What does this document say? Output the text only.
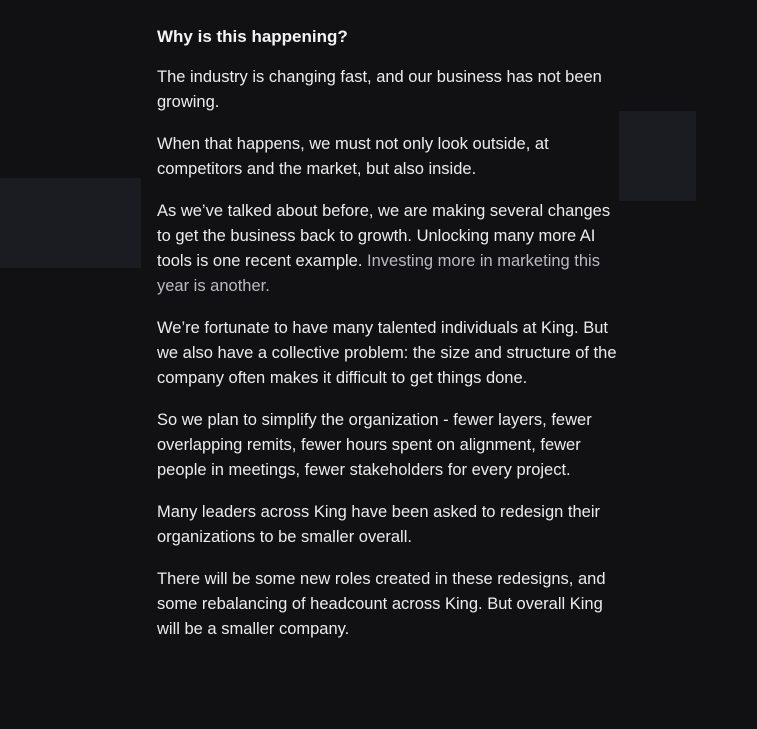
Why is this happening?

The industry is changing fast, and our business has not been growing.

When that happens, we must not only look outside, at competitors and the market, but also inside.

As we’ve talked about before, we are making several changes to get the business back to growth. Unlocking many more AI tools is one recent example. Investing more in marketing this year is another.

We’re fortunate to have many talented individuals at King. But we also have a collective problem: the size and structure of the company often makes it difficult to get things done.

So we plan to simplify the organization - fewer layers, fewer overlapping remits, fewer hours spent on alignment, fewer people in meetings, fewer stakeholders for every project.

Many leaders across King have been asked to redesign their organizations to be smaller overall.

There will be some new roles created in these redesigns, and some rebalancing of headcount across King. But overall King will be a smaller company.
